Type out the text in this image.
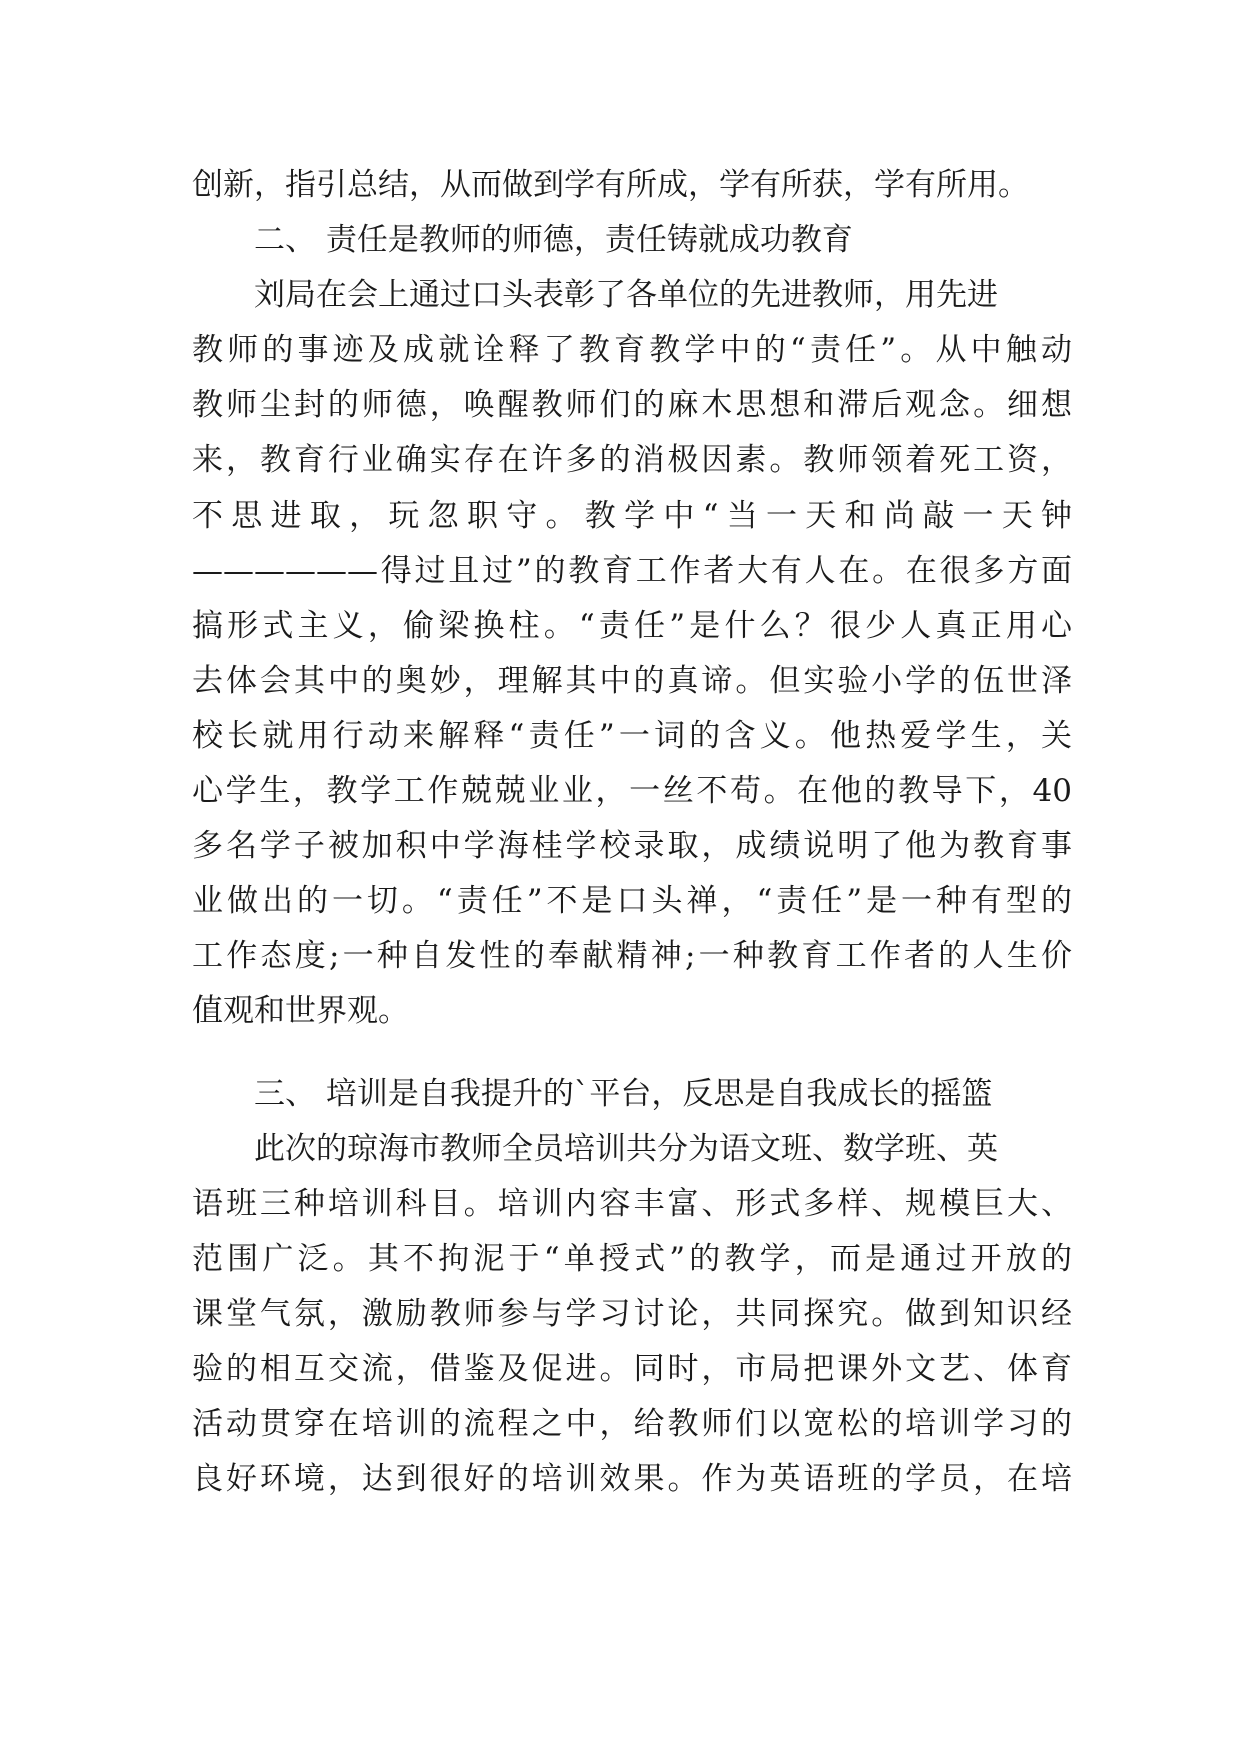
创新，指引总结，从而做到学有所成，学有所获，学有所用。
二、 责任是教师的师德，责任铸就成功教育
刘局在会上通过口头表彰了各单位的先进教师，用先进
教师的事迹及成就诠释了教育教学中的“责任”。从中触动
教师尘封的师德，唤醒教师们的麻木思想和滞后观念。细想
来，教育行业确实存在许多的消极因素。教师领着死工资，
不思进取，玩忽职守。教学中“当一天和尚敲一天钟
——————得过且过”的教育工作者大有人在。在很多方面
搞形式主义，偷梁换柱。“责任”是什么？很少人真正用心
去体会其中的奥妙，理解其中的真谛。但实验小学的伍世泽
校长就用行动来解释“责任”一词的含义。他热爱学生，关
心学生，教学工作兢兢业业，一丝不苟。在他的教导下，40
多名学子被加积中学海桂学校录取，成绩说明了他为教育事
业做出的一切。“责任”不是口头禅，“责任”是一种有型的
工作态度;一种自发性的奉献精神;一种教育工作者的人生价
值观和世界观。
三、 培训是自我提升的`平台，反思是自我成长的摇篮
此次的琼海市教师全员培训共分为语文班、数学班、英
语班三种培训科目。培训内容丰富、形式多样、规模巨大、
范围广泛。其不拘泥于“单授式”的教学，而是通过开放的
课堂气氛，激励教师参与学习讨论，共同探究。做到知识经
验的相互交流，借鉴及促进。同时，市局把课外文艺、体育
活动贯穿在培训的流程之中，给教师们以宽松的培训学习的
良好环境，达到很好的培训效果。作为英语班的学员，在培
